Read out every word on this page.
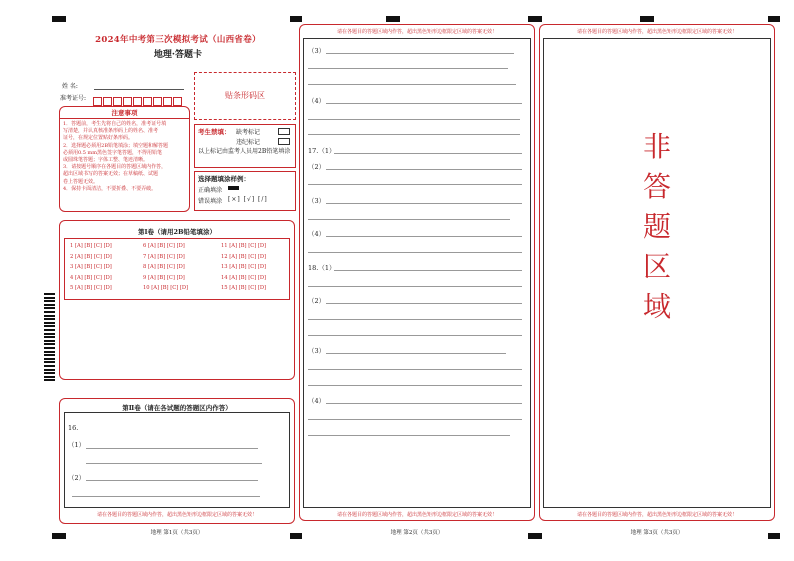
2024年中考第三次模拟考试（山西省卷）
地理·答题卡
姓 名:
准考证号:	贴条形码区
注意事项
1．答题前，考生先将自己的姓名，准考证号填
写清楚，并认真核准条形码上的姓名、准考
证号，在规定位置贴好条形码。
2．选择题必须用2B铅笔填涂；填空题和解答题
必须用0.5 mm黑色签字笔答题，不得用铅笔
或圆珠笔答题；字体工整、笔迹清晰。
3．请按题号顺序在各题目的答题区域内作答，
超出区域书写的答案无效；在草稿纸、试题
卷上答题无效。
4．保持卡面清洁，不要折叠、不要弄破。
考生禁填： 缺考标记
违纪标记
以上标记由监考人员用2B铅笔填涂
选择题填涂样例：
正确填涂
错误填涂 [×] [√] [/]
第Ⅰ卷（请用2B铅笔填涂）
1 [A] [B] [C] [D]
2 [A] [B] [C] [D]
3 [A] [B] [C] [D]
4 [A] [B] [C] [D]
5 [A] [B] [C] [D]
6 [A] [B] [C] [D]
7 [A] [B] [C] [D]
8 [A] [B] [C] [D]
9 [A] [B] [C] [D]
10 [A] [B] [C] [D]
11 [A] [B] [C] [D]
12 [A] [B] [C] [D]
13 [A] [B] [C] [D]
14 [A] [B] [C] [D]
15 [A] [B] [C] [D]
第Ⅱ卷（请在各试题的答题区内作答）
16.
（1）
（2）
请在各题目的答题区域内作答，超出黑色矩形边框限定区域的答案无效！
地理 第1页（共3页）
请在各题目的答题区域内作答，超出黑色矩形边框限定区域的答案无效！
（3）
（4）
17.（1）
（2）
（3）
（4）
18.（1）
（2）
（3）
（4）
请在各题目的答题区域内作答，超出黑色矩形边框限定区域的答案无效！
地理 第2页（共3页）
请在各题目的答题区域内作答，超出黑色矩形边框限定区域的答案无效！
非
答
题
区
域
请在各题目的答题区域内作答，超出黑色矩形边框限定区域的答案无效！
地理 第3页（共3页）
